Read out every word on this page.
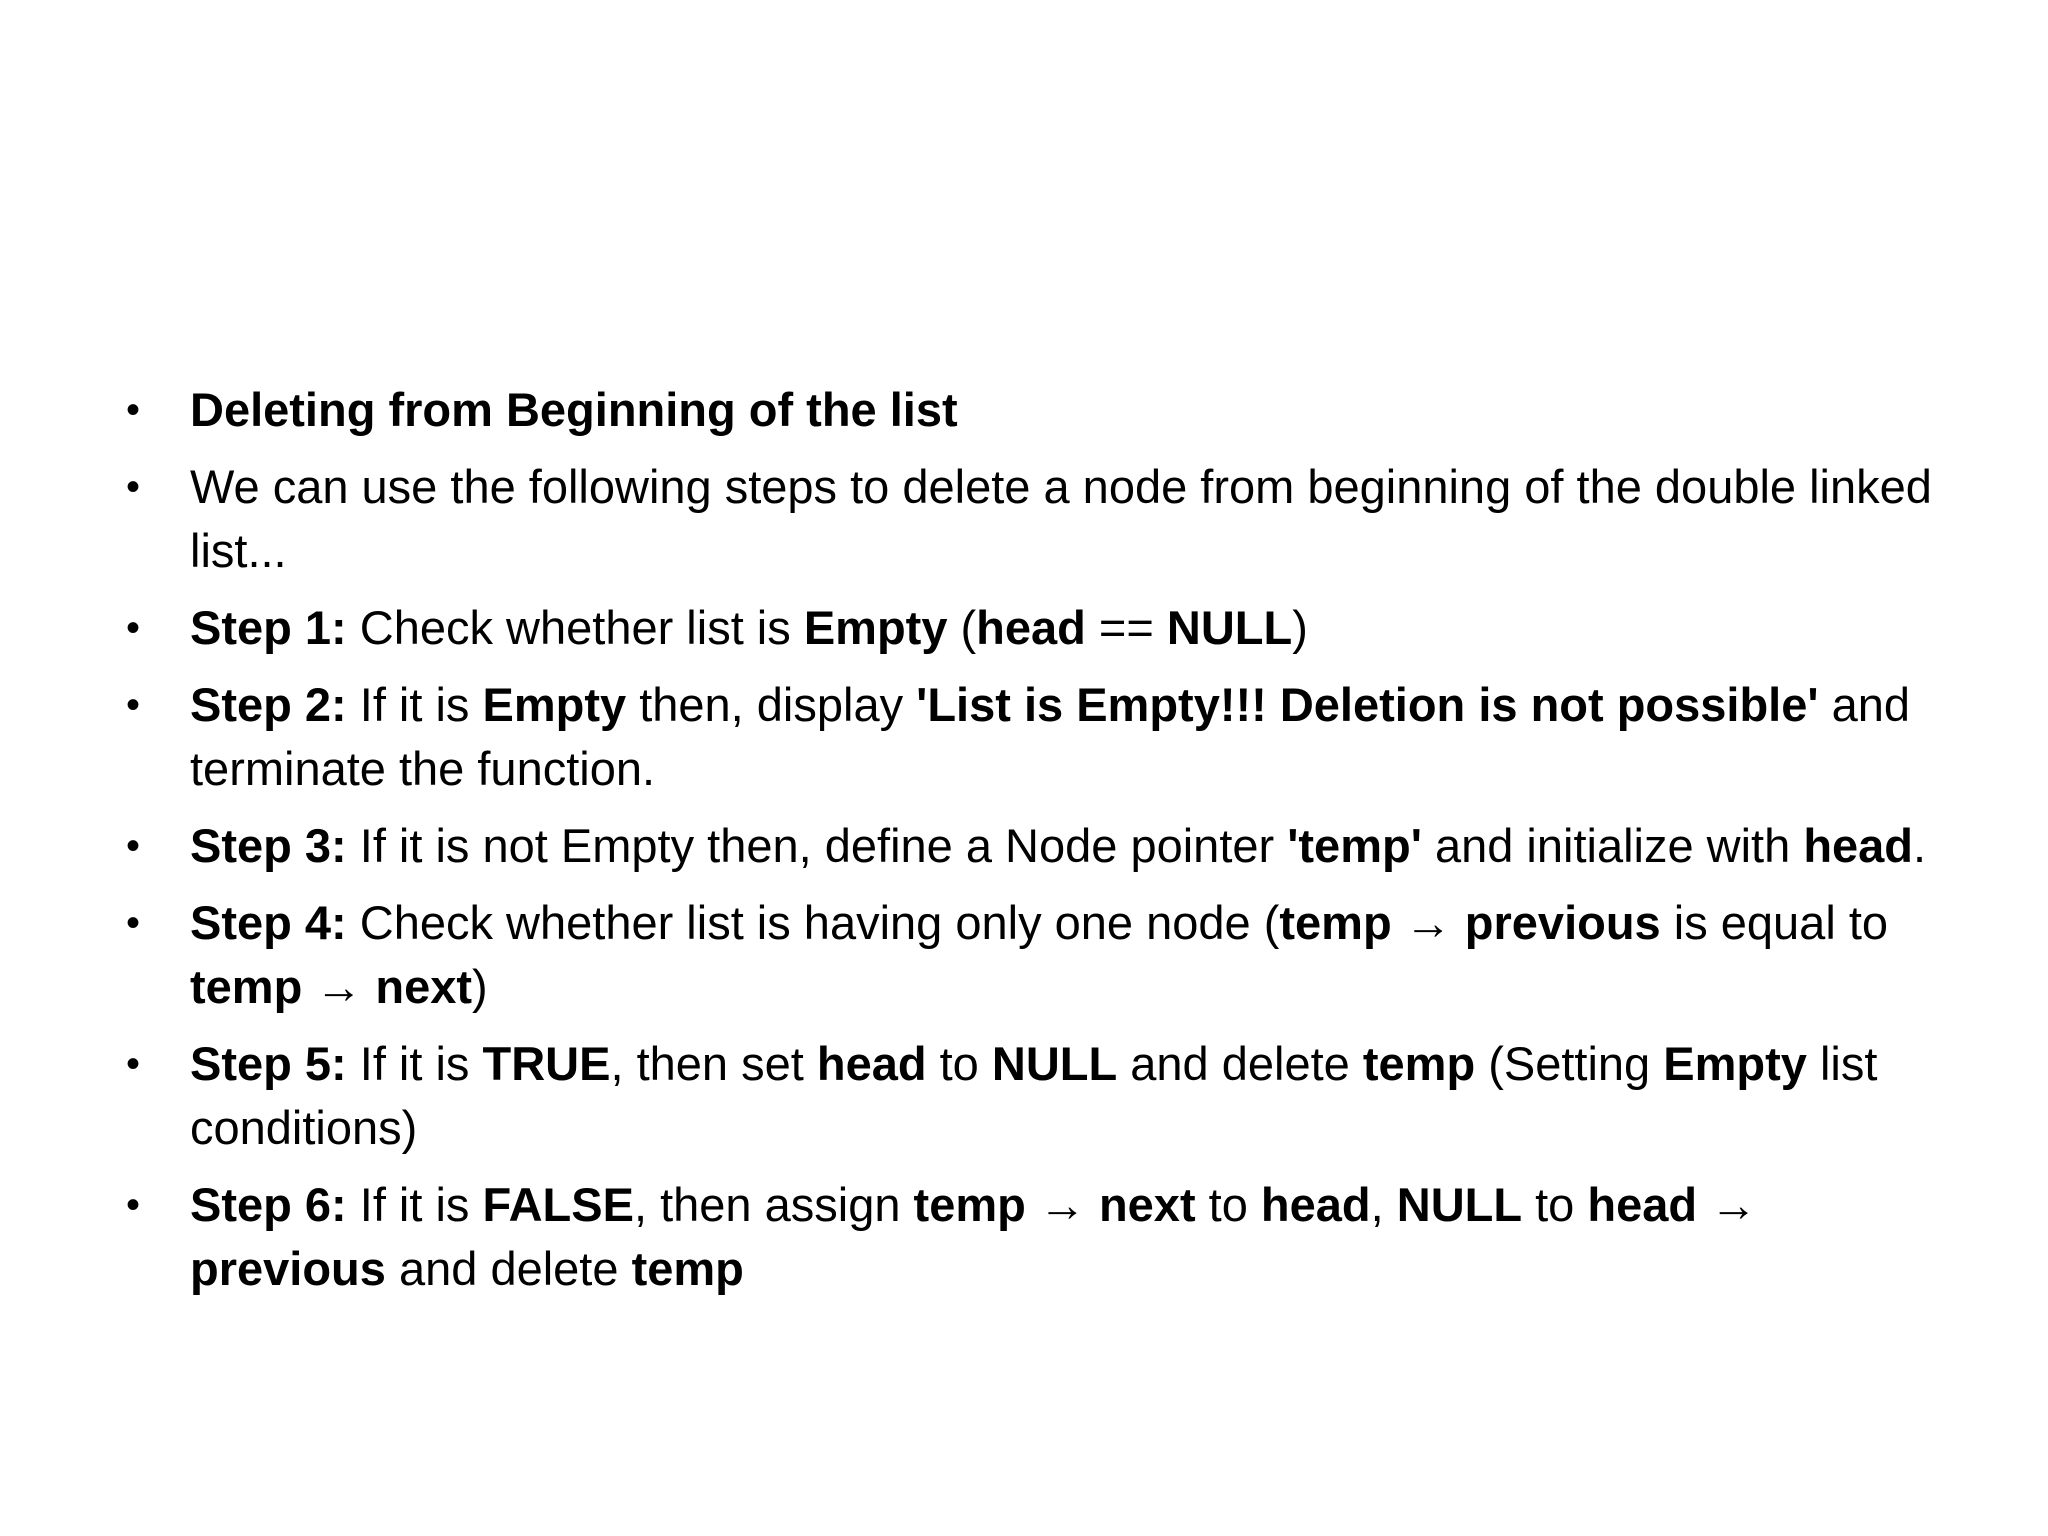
• Deleting from Beginning of the list
• We can use the following steps to delete a node from beginning of the double linked list...
• Step 1: Check whether list is Empty (head == NULL)
• Step 2: If it is Empty then, display 'List is Empty!!! Deletion is not possible' and terminate the function.
• Step 3: If it is not Empty then, define a Node pointer 'temp' and initialize with head.
• Step 4: Check whether list is having only one node (temp → previous is equal to temp → next)
• Step 5: If it is TRUE, then set head to NULL and delete temp (Setting Empty list conditions)
• Step 6: If it is FALSE, then assign temp → next to head, NULL to head → previous and delete temp
